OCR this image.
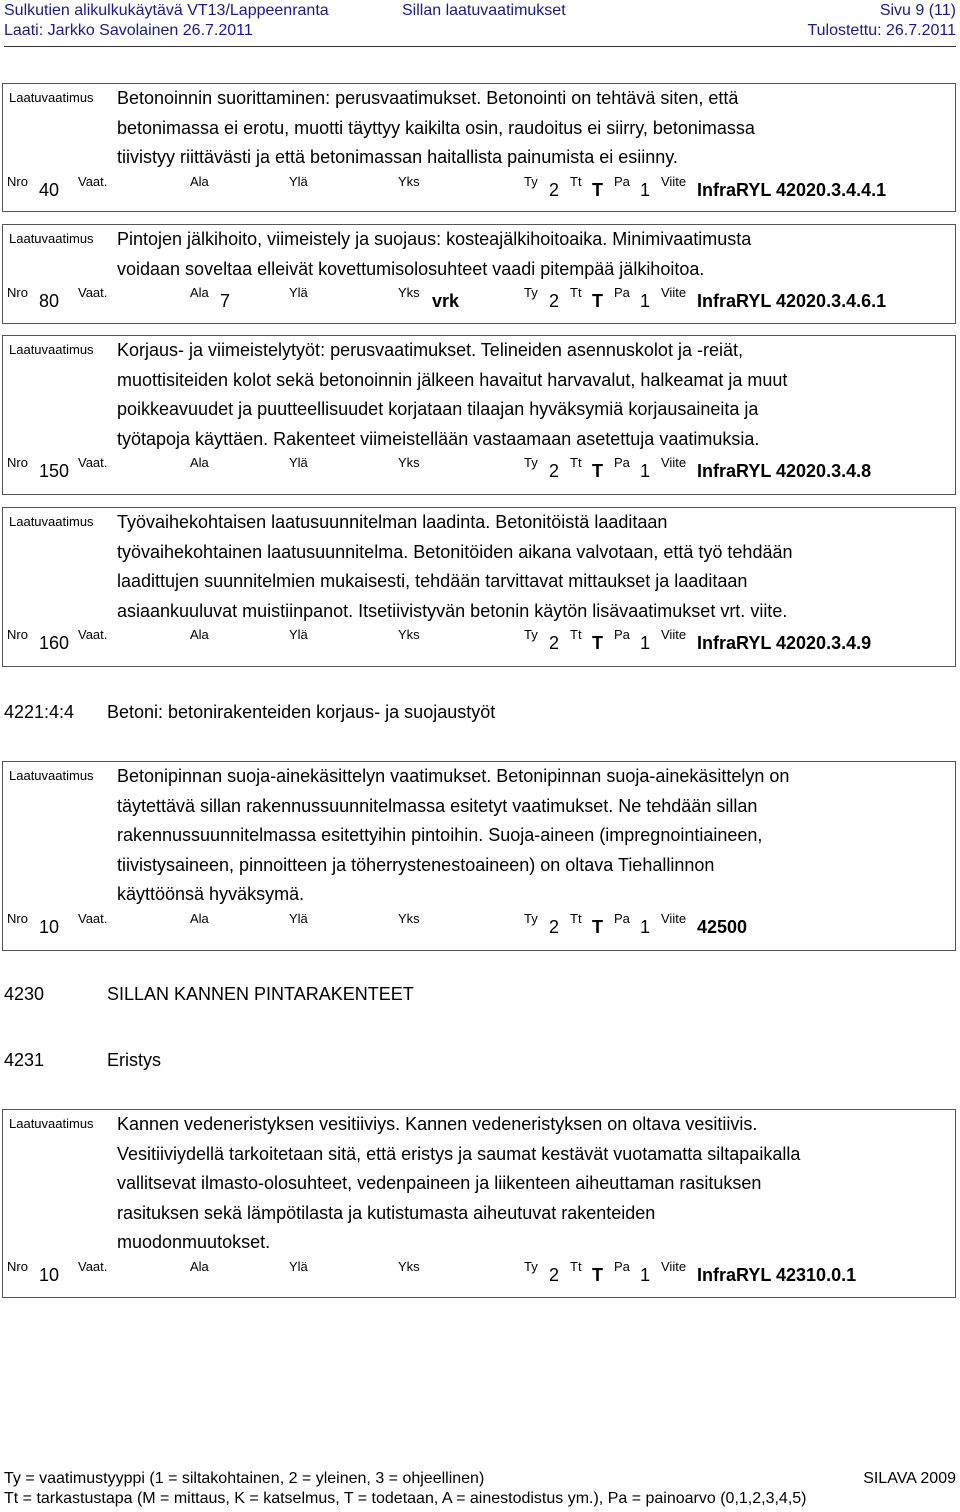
Sulkutien alikulkukäytävä VT13/Lappeenranta	Sillan laatuvaatimukset	Sivu 9 (11)
Laati: Jarkko Savolainen 26.7.2011	Tulostettu: 26.7.2011
Laatuvaatimus Betonoinnin suorittaminen: perusvaatimukset. Betonointi on tehtävä siten, että
betonimassa ei erotu, muotti täyttyy kaikilta osin, raudoitus ei siirry, betonimassa
tiivistyy riittävästi ja että betonimassan haitallista painumista ei esiinny.
Nro 40 Vaat.	Ala	Ylä	Yks	Ty 2 Tt T Pa 1 Viite InfraRYL 42020.3.4.4.1
Laatuvaatimus Pintojen jälkihoito, viimeistely ja suojaus: kosteajälkihoitoaika. Minimivaatimusta
voidaan soveltaa elleivät kovettumisolosuhteet vaadi pitempää jälkihoitoa.
Nro 80 Vaat.	Ala 7	Ylä	Yks vrk	Ty 2 Tt T Pa 1 Viite InfraRYL 42020.3.4.6.1
Laatuvaatimus Korjaus- ja viimeistelytyöt: perusvaatimukset. Telineiden asennuskolot ja -reiät,
muottisiteiden kolot sekä betonoinnin jälkeen havaitut harvavalut, halkeamat ja muut
poikkeavuudet ja puutteellisuudet korjataan tilaajan hyväksymiä korjausaineita ja
työtapoja käyttäen. Rakenteet viimeistellään vastaamaan asetettuja vaatimuksia.
Nro 150 Vaat.	Ala	Ylä	Yks	Ty 2 Tt T Pa 1 Viite InfraRYL 42020.3.4.8
Laatuvaatimus Työvaihekohtaisen laatusuunnitelman laadinta. Betonitöistä laaditaan
työvaihekohtainen laatusuunnitelma. Betonitöiden aikana valvotaan, että työ tehdään
laadittujen suunnitelmien mukaisesti, tehdään tarvittavat mittaukset ja laaditaan
asiaankuuluvat muistiinpanot. Itsetiivistyvän betonin käytön lisävaatimukset vrt. viite.
Nro 160 Vaat.	Ala	Ylä	Yks	Ty 2 Tt T Pa 1 Viite InfraRYL 42020.3.4.9
Laatuvaatimus Betonipinnan suoja-ainekäsittelyn vaatimukset. Betonipinnan suoja-ainekäsittelyn on
täytettävä sillan rakennussuunnitelmassa esitetyt vaatimukset. Ne tehdään sillan
rakennussuunnitelmassa esitettyihin pintoihin. Suoja-aineen (impregnointiaineen,
tiivistysaineen, pinnoitteen ja töherrystenestoaineen) on oltava Tiehallinnon
käyttöönsä hyväksymä.
Nro 10 Vaat.	Ala	Ylä	Yks	Ty 2 Tt T Pa 1 Viite 42500
Laatuvaatimus Kannen vedeneristyksen vesitiiviys. Kannen vedeneristyksen on oltava vesitiivis.
Vesitiiviydellä tarkoitetaan sitä, että eristys ja saumat kestävät vuotamatta siltapaikalla
vallitsevat ilmasto-olosuhteet, vedenpaineen ja liikenteen aiheuttaman rasituksen
rasituksen sekä lämpötilasta ja kutistumasta aiheutuvat rakenteiden
muodonmuutokset.
Nro 10 Vaat.	Ala	Ylä	Yks	Ty 2 Tt T Pa 1 Viite InfraRYL 42310.0.1
4221:4:4 Betoni: betonirakenteiden korjaus- ja suojaustyöt
4230	SILLAN KANNEN PINTARAKENTEET
4231	Eristys
Ty = vaatimustyyppi (1 = siltakohtainen, 2 = yleinen, 3 = ohjeellinen)	SILAVA 2009
Tt = tarkastustapa (M = mittaus, K = katselmus, T = todetaan, A = ainestodistus ym.), Pa = painoarvo (0,1,2,3,4,5)
